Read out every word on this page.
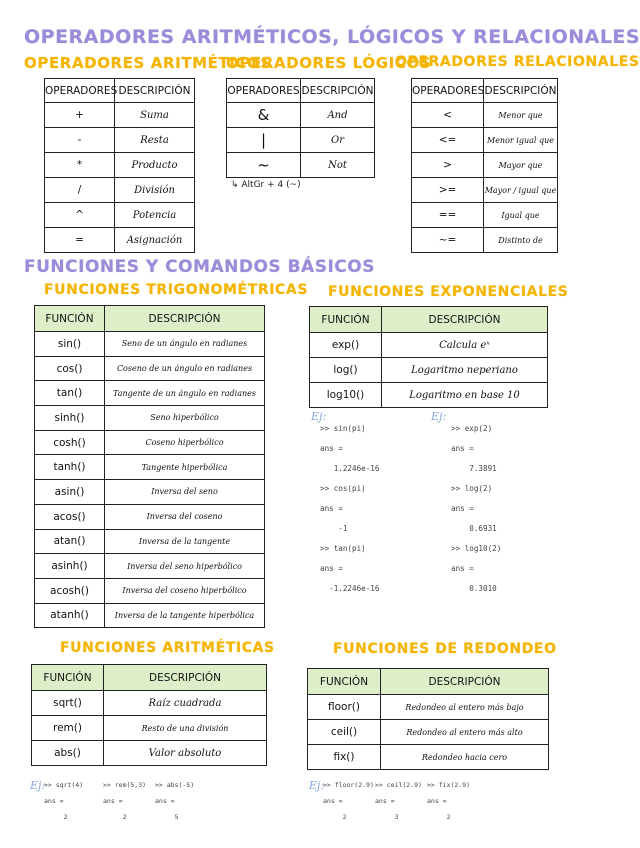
OPERADORES ARITMÉTICOS, LÓGICOS Y RELACIONALES
OPERADORES ARITMÉTICOS
OPERADORES LÓGICOS
OPERADORES RELACIONALES
OPERADORES	DESCRIPCIÓN
+	Suma
-	Resta
*	Producto
/	División
^	Potencia
=	Asignación
OPERADORES	DESCRIPCIÓN
&	And
|	Or
~	Not
↳ AltGr + 4 (~)
OPERADORES	DESCRIPCIÓN
<	Menor que
<=	Menor igual que
>	Mayor que
>=	Mayor / igual que
==	Igual que
~=	Distinto de
FUNCIONES Y COMANDOS BÁSICOS
FUNCIONES TRIGONOMÉTRICAS
FUNCIÓN	DESCRIPCIÓN
sin()	Seno de un ángulo en radianes
cos()	Coseno de un ángulo en radianes
tan()	Tangente de un ángulo en radianes
sinh()	Seno hiperbólico
cosh()	Coseno hiperbólico
tanh()	Tangente hiperbólica
asin()	Inversa del seno
acos()	Inversa del coseno
atan()	Inversa de la tangente
asinh()	Inversa del seno hiperbólico
acosh()	Inversa del coseno hiperbólico
atanh()	Inversa de la tangente hiperbólica
FUNCIONES EXPONENCIALES
FUNCIÓN	DESCRIPCIÓN
exp()	Calcula eˣ
log()	Logaritmo neperiano
log10()	Logaritmo en base 10
Ej:
>> sin(pi)

ans =

1.2246e-16

>> cos(pi)

ans =

-1

>> tan(pi)

ans =

-1.2246e-16
Ej:
>> exp(2)

ans =

7.3891

>> log(2)

ans =

0.6931

>> log10(2)

ans =

0.3010
FUNCIONES ARITMÉTICAS
FUNCIÓN	DESCRIPCIÓN
sqrt()	Raíz cuadrada
rem()	Resto de una división
abs()	Valor absoluto
FUNCIONES DE REDONDEO
FUNCIÓN	DESCRIPCIÓN
floor()	Redondeo al entero más bajo
ceil()	Redondeo al entero más alto
fix()	Redondeo hacia cero
Ej:
>> sqrt(4)

ans =

2
>> rem(5,3)

ans =

2
>> abs(-5)

ans =

5
Ej:
>> floor(2.9)

ans =

2
>> ceil(2.9)

ans =

3
>> fix(2.9)

ans =

2
